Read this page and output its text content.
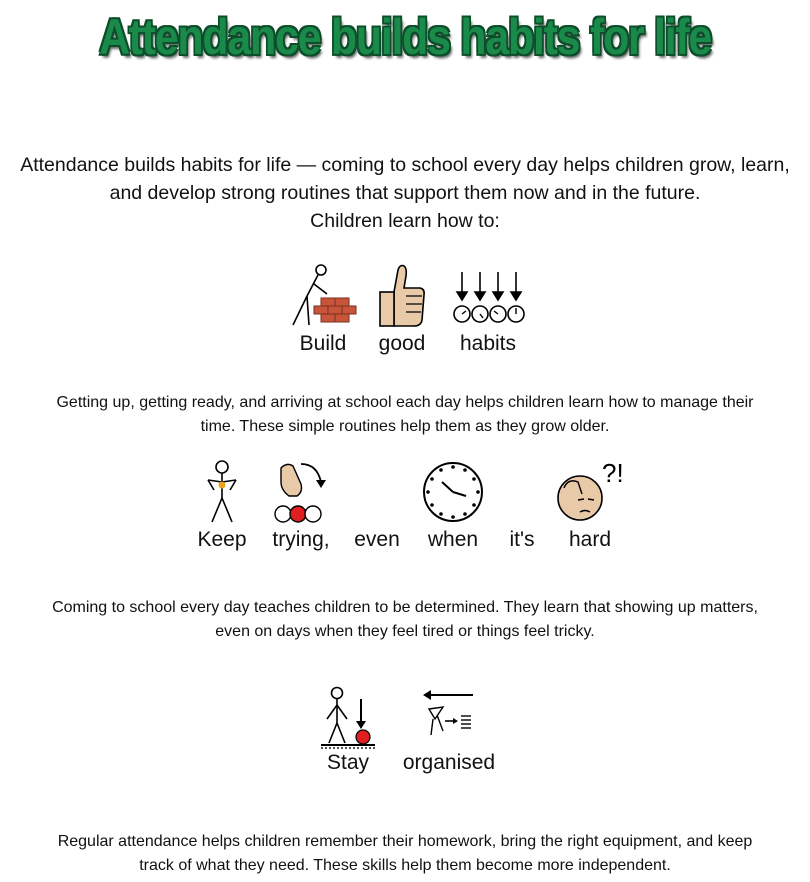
Attendance builds habits for life
Attendance builds habits for life — coming to school every day helps children grow, learn,
and develop strong routines that support them now and in the future.
Children learn how to:
Build	good	habits
Getting up, getting ready, and arriving at school each day helps children learn how to manage their
time. These simple routines help them as they grow older.
Keep	trying,	even	when	it's
?!
hard
Coming to school every day teaches children to be determined. They learn that showing up matters,
even on days when they feel tired or things feel tricky.
Stay	organised
Regular attendance helps children remember their homework, bring the right equipment, and keep
track of what they need. These skills help them become more independent.
